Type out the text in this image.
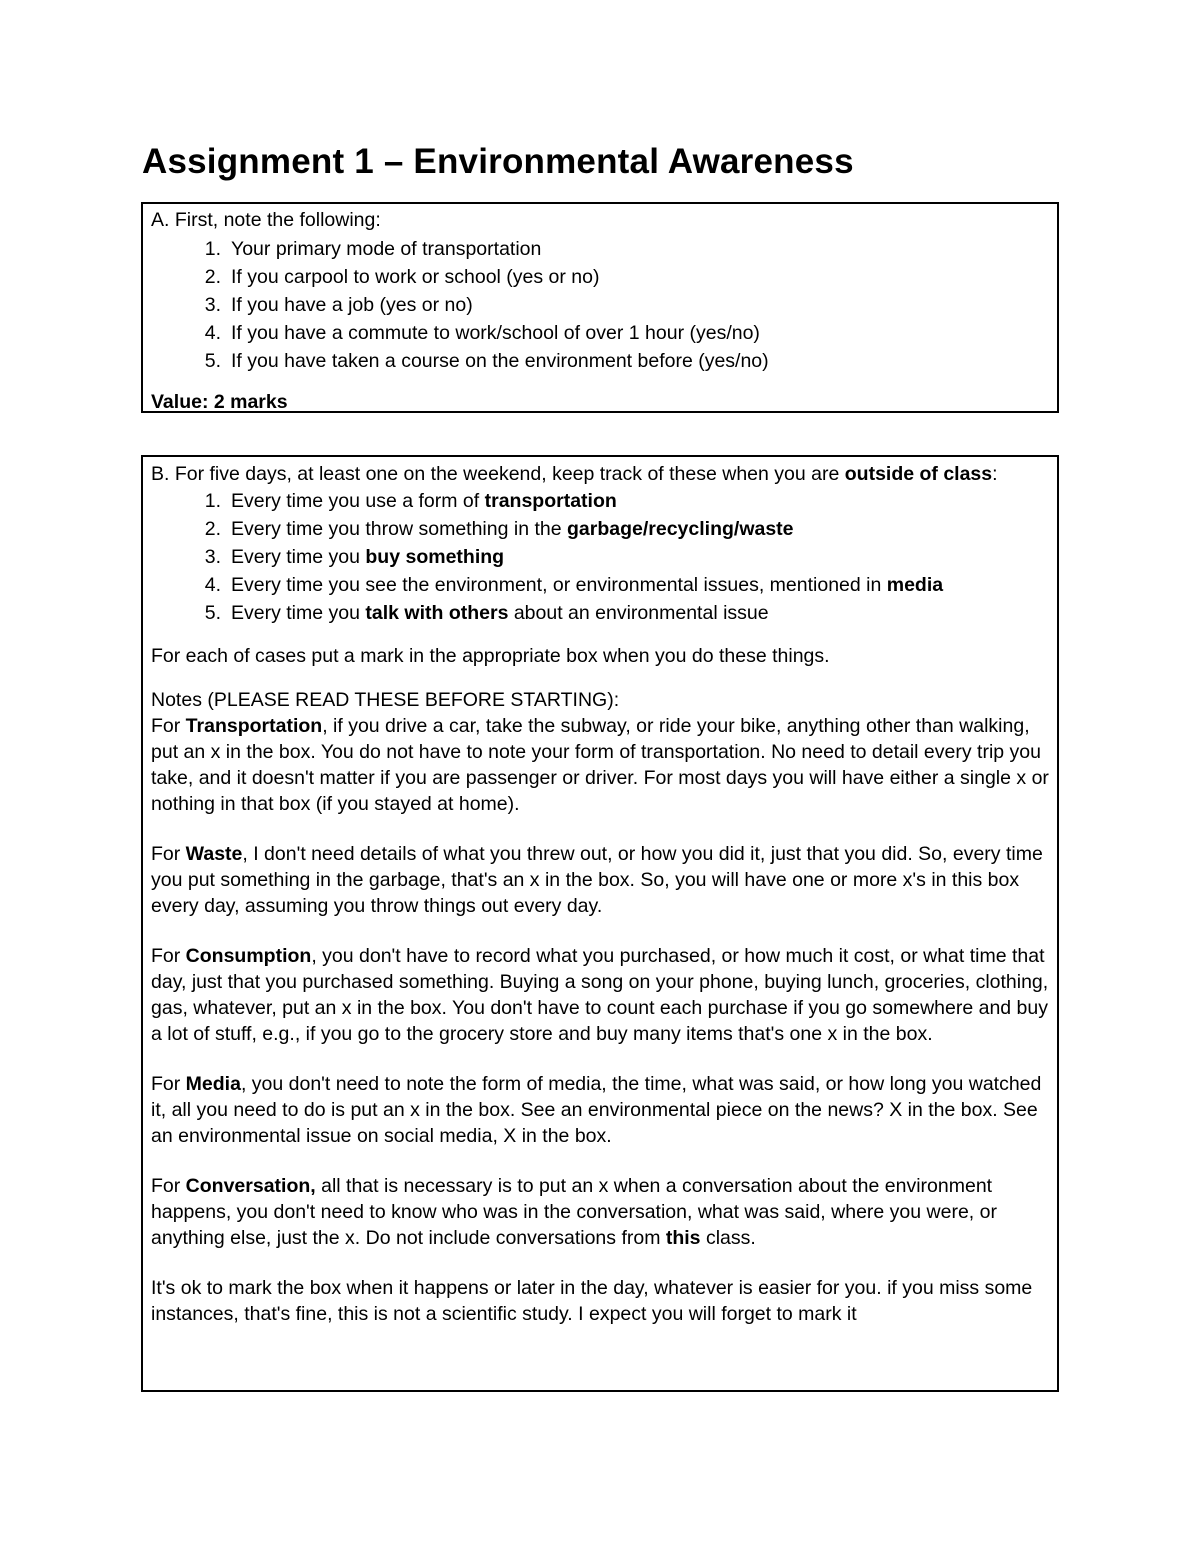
Assignment 1 – Environmental Awareness

A. First, note the following:

1. Your primary mode of transportation
2. If you carpool to work or school (yes or no)
3. If you have a job (yes or no)
4. If you have a commute to work/school of over 1 hour (yes/no)
5. If you have taken a course on the environment before (yes/no)

Value: 2 marks

B. For five days, at least one on the weekend, keep track of these when you are outside of class:

1. Every time you use a form of transportation
2. Every time you throw something in the garbage/recycling/waste
3. Every time you buy something
4. Every time you see the environment, or environmental issues, mentioned in media
5. Every time you talk with others about an environmental issue

For each of cases put a mark in the appropriate box when you do these things.

Notes (PLEASE READ THESE BEFORE STARTING):

For Transportation, if you drive a car, take the subway, or ride your bike, anything other than walking, put an x in the box. You do not have to note your form of transportation. No need to detail every trip you take, and it doesn't matter if you are passenger or driver. For most days you will have either a single x or nothing in that box (if you stayed at home).

For Waste, I don't need details of what you threw out, or how you did it, just that you did. So, every time you put something in the garbage, that's an x in the box. So, you will have one or more x's in this box every day, assuming you throw things out every day.

For Consumption, you don't have to record what you purchased, or how much it cost, or what time that day, just that you purchased something. Buying a song on your phone, buying lunch, groceries, clothing, gas, whatever, put an x in the box. You don't have to count each purchase if you go somewhere and buy a lot of stuff, e.g., if you go to the grocery store and buy many items that's one x in the box.

For Media, you don't need to note the form of media, the time, what was said, or how long you watched it, all you need to do is put an x in the box. See an environmental piece on the news? X in the box. See an environmental issue on social media, X in the box.

For Conversation, all that is necessary is to put an x when a conversation about the environment happens, you don't need to know who was in the conversation, what was said, where you were, or anything else, just the x. Do not include conversations from this class.

It's ok to mark the box when it happens or later in the day, whatever is easier for you. if you miss some instances, that's fine, this is not a scientific study. I expect you will forget to mark it
